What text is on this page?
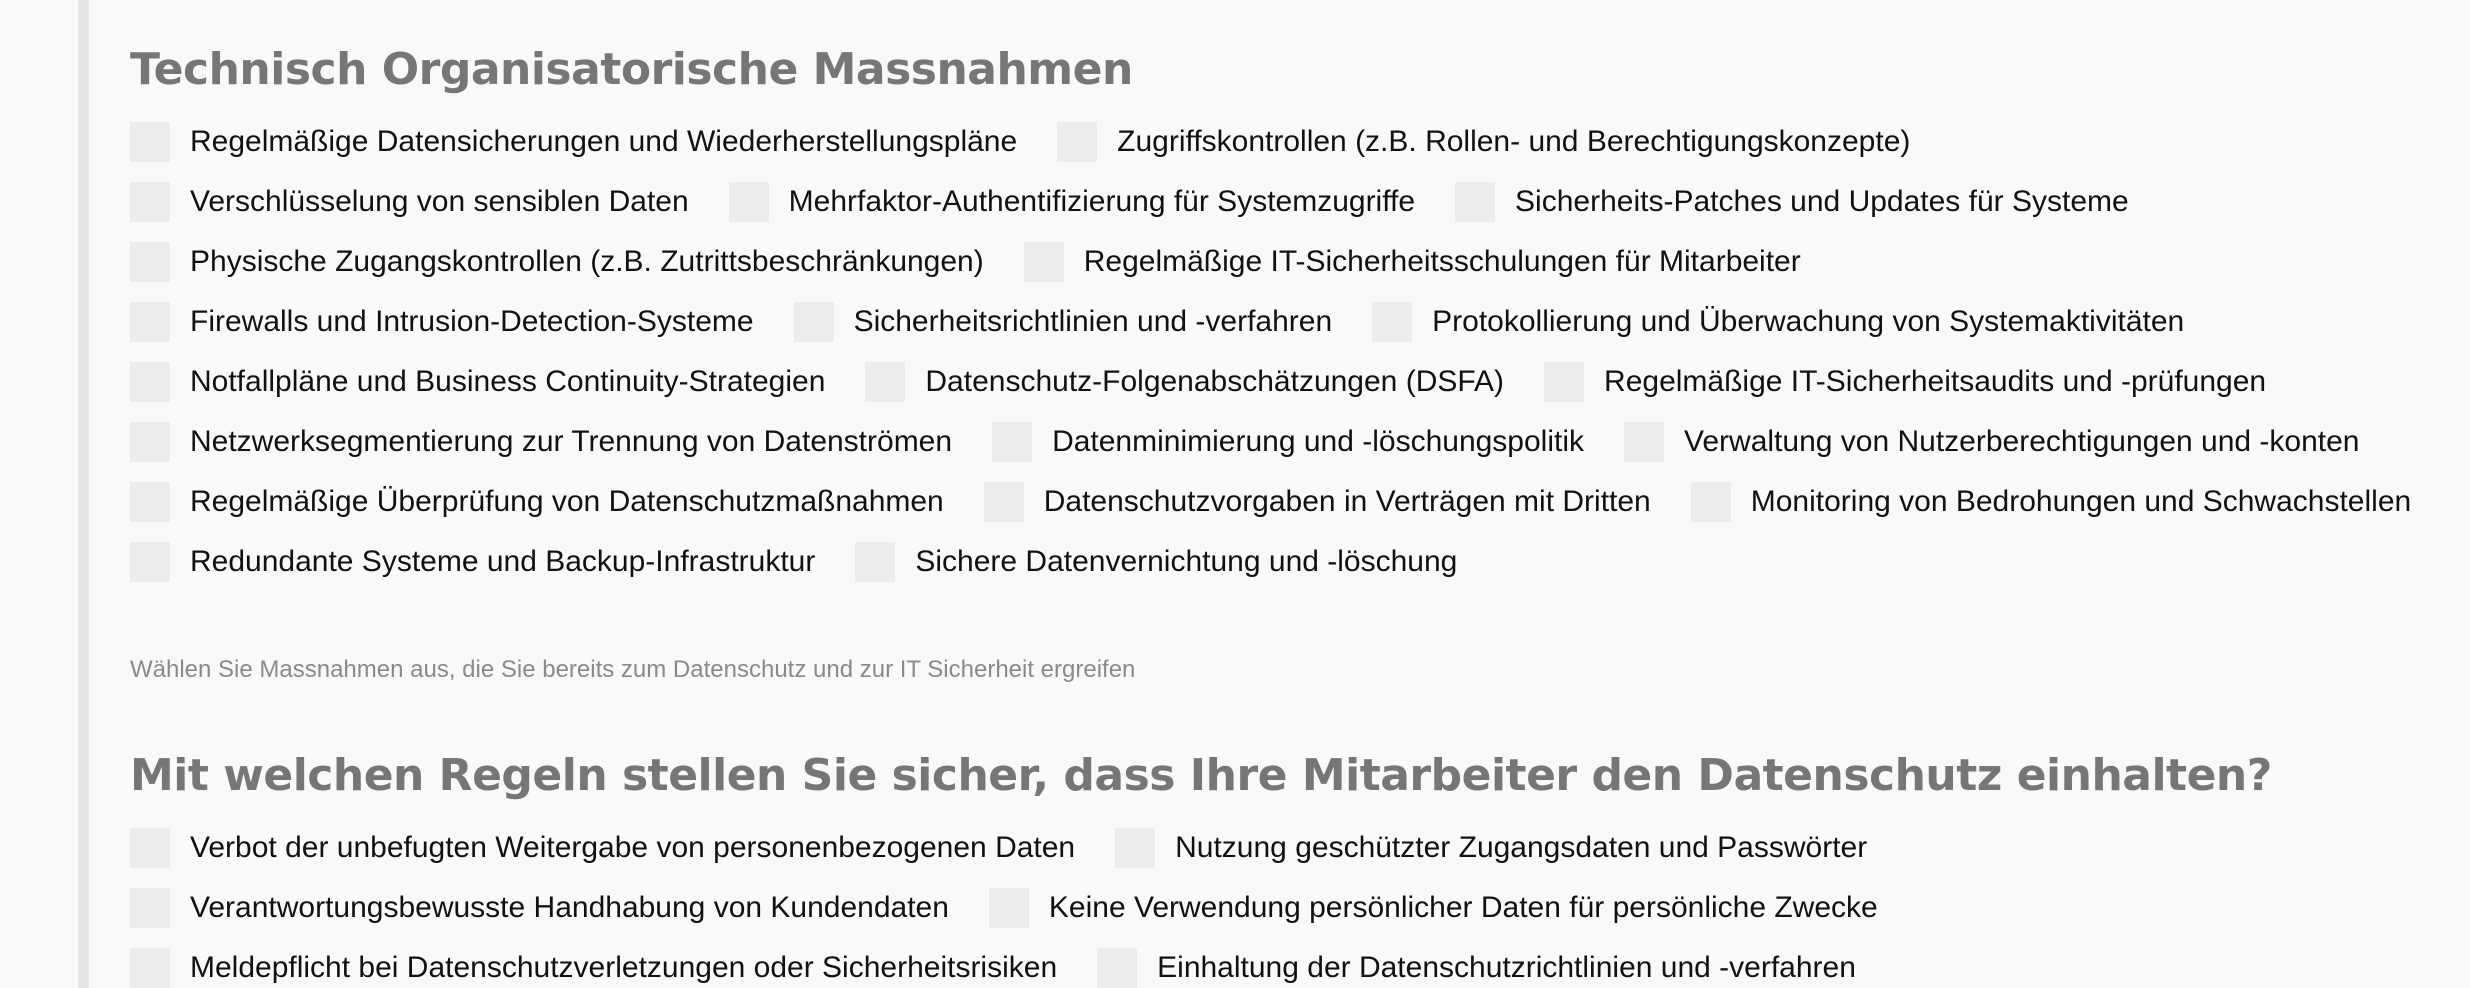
Technisch Organisatorische Massnahmen
Regelmäßige Datensicherungen und Wiederherstellungspläne	Zugriffskontrollen (z.B. Rollen- und Berechtigungskonzepte)
Verschlüsselung von sensiblen Daten	Mehrfaktor-Authentifizierung für Systemzugriffe	Sicherheits-Patches und Updates für Systeme
Physische Zugangskontrollen (z.B. Zutrittsbeschränkungen)	Regelmäßige IT-Sicherheitsschulungen für Mitarbeiter
Firewalls und Intrusion-Detection-Systeme	Sicherheitsrichtlinien und -verfahren	Protokollierung und Überwachung von Systemaktivitäten
Notfallpläne und Business Continuity-Strategien	Datenschutz-Folgenabschätzungen (DSFA)	Regelmäßige IT-Sicherheitsaudits und -prüfungen
Netzwerksegmentierung zur Trennung von Datenströmen	Datenminimierung und -löschungspolitik	Verwaltung von Nutzerberechtigungen und -konten
Regelmäßige Überprüfung von Datenschutzmaßnahmen	Datenschutzvorgaben in Verträgen mit Dritten	Monitoring von Bedrohungen und Schwachstellen
Redundante Systeme und Backup-Infrastruktur	Sichere Datenvernichtung und -löschung
Wählen Sie Massnahmen aus, die Sie bereits zum Datenschutz und zur IT Sicherheit ergreifen
Mit welchen Regeln stellen Sie sicher, dass Ihre Mitarbeiter den Datenschutz einhalten?
Verbot der unbefugten Weitergabe von personenbezogenen Daten	Nutzung geschützter Zugangsdaten und Passwörter
Verantwortungsbewusste Handhabung von Kundendaten	Keine Verwendung persönlicher Daten für persönliche Zwecke
Meldepflicht bei Datenschutzverletzungen oder Sicherheitsrisiken	Einhaltung der Datenschutzrichtlinien und -verfahren
